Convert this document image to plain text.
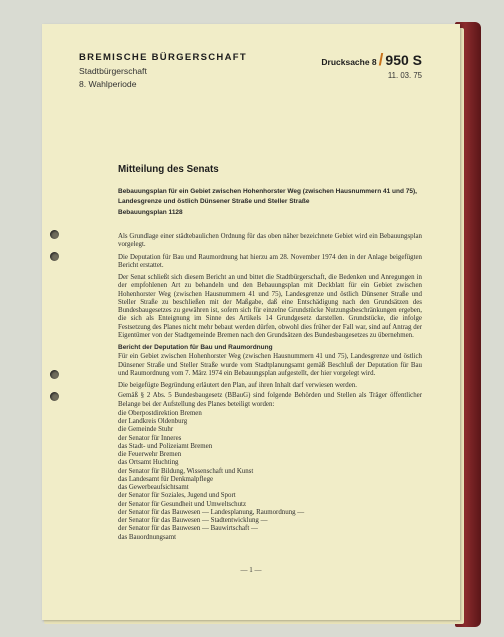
BREMISCHE BÜRGERSCHAFT
Stadtbürgerschaft
8. Wahlperiode
Drucksache 8 / 950 S
11. 03. 75
Mitteilung des Senats
Bebauungsplan für ein Gebiet zwischen Hohenhorster Weg (zwischen Hausnummern 41 und 75), Landesgrenze und östlich Dünsener Straße und Steller Straße
Bebauungsplan 1128

Als Grundlage einer städtebaulichen Ordnung für das oben näher bezeichnete Gebiet wird ein Bebauungsplan vorgelegt.

Die Deputation für Bau und Raumordnung hat hierzu am 28. November 1974 den in der Anlage beigefügten Bericht erstattet.

Der Senat schließt sich diesem Bericht an und bittet die Stadtbürgerschaft, die Bedenken und Anregungen in der empfohlenen Art zu behandeln und den Bebauungsplan mit Deckblatt für ein Gebiet zwischen Hohenhorster Weg (zwischen Hausnummern 41 und 75), Landesgrenze und östlich Dünsener Straße und Steller Straße zu beschließen mit der Maßgabe, daß eine Entschädigung nach den Grundsätzen des Bundesbaugesetzes zu gewähren ist, sofern sich für einzelne Grundstücke Nutzungsbeschränkungen ergeben, die sich als Enteignung im Sinne des Artikels 14 Grundgesetz darstellen. Grundstücke, die infolge Festsetzung des Planes nicht mehr bebaut werden dürfen, obwohl dies früher der Fall war, sind auf Antrag der Eigentümer von der Stadtgemeinde Bremen nach den Grundsätzen des Bundesbaugesetzes zu übernehmen.

Bericht der Deputation für Bau und Raumordnung

Für ein Gebiet zwischen Hohenhorster Weg (zwischen Hausnummern 41 und 75), Landesgrenze und östlich Dünsener Straße und Steller Straße wurde vom Stadtplanungsamt gemäß Beschluß der Deputation für Bau und Raumordnung vom 7. März 1974 ein Bebauungsplan aufgestellt, der hier vorgelegt wird.

Die beigefügte Begründung erläutert den Plan, auf ihren Inhalt darf verwiesen werden.

Gemäß § 2 Abs. 5 Bundesbaugesetz (BBauG) sind folgende Behörden und Stellen als Träger öffentlicher Belange bei der Aufstellung des Planes beteiligt worden:

die Oberpostdirektion Bremen
der Landkreis Oldenburg
die Gemeinde Stuhr
der Senator für Inneres
das Stadt- und Polizeiamt Bremen
die Feuerwehr Bremen
das Ortsamt Huchting
der Senator für Bildung, Wissenschaft und Kunst
das Landesamt für Denkmalpflege
das Gewerbeaufsichtsamt
der Senator für Soziales, Jugend und Sport
der Senator für Gesundheit und Umweltschutz
der Senator für das Bauwesen — Landesplanung, Raumordnung —
der Senator für das Bauwesen — Stadtentwicklung —
der Senator für das Bauwesen — Bauwirtschaft —
das Bauordnungsamt
— 1 —
